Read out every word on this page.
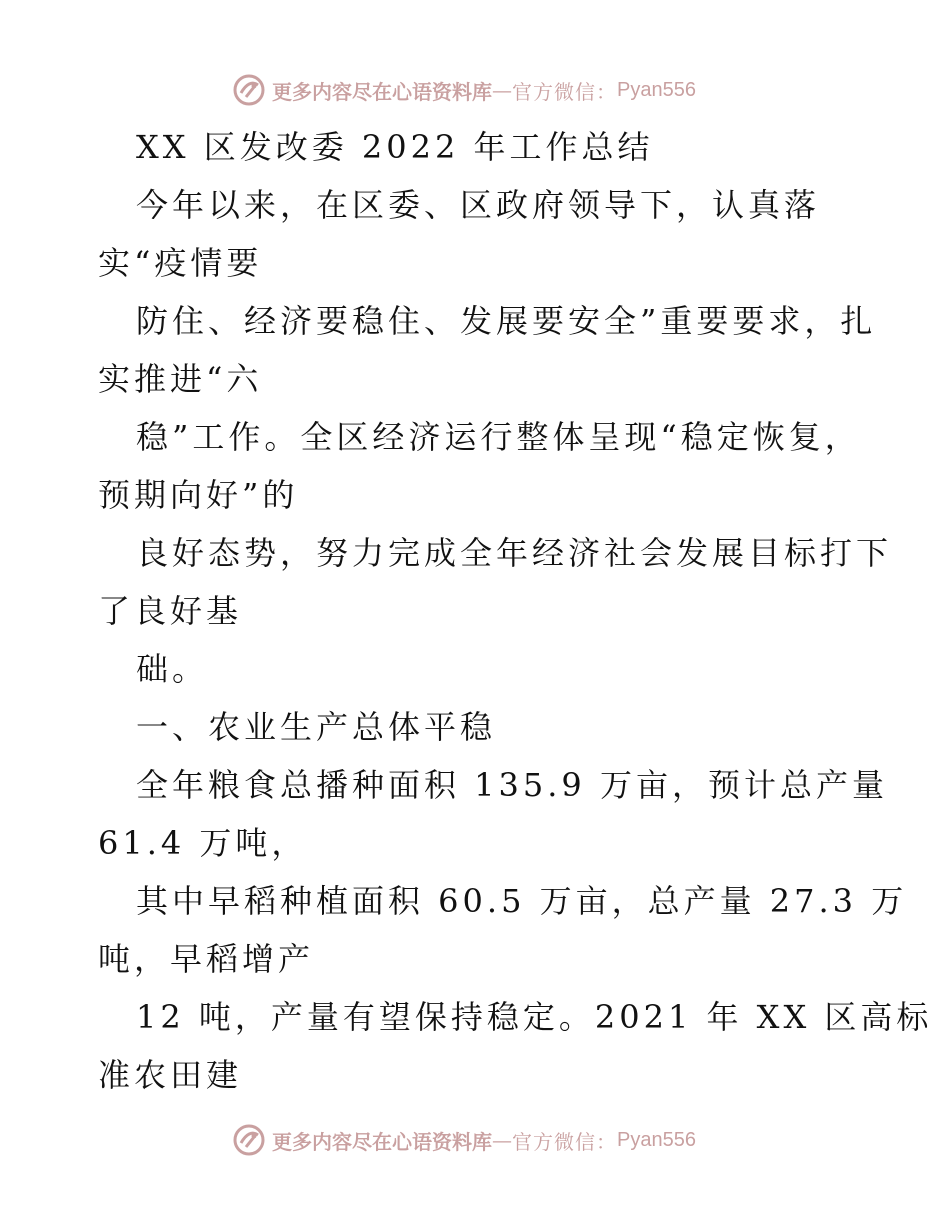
更多内容尽在心语资料库 — 官方微信： Pyan556
XX 区发改委 2022 年工作总结
今年以来，在区委、区政府领导下，认真落
实“疫情要
防住、经济要稳住、发展要安全”重要要求，扎
实推进“六
稳”工作。全区经济运行整体呈现“稳定恢复，
预期向好”的
良好态势，努力完成全年经济社会发展目标打下
了良好基
础。
一、农业生产总体平稳
全年粮食总播种面积 135.9 万亩，预计总产量
61.4 万吨，
其中早稻种植面积 60.5 万亩，总产量 27.3 万
吨，早稻增产
12 吨，产量有望保持稳定。2021 年 XX 区高标
准农田建
更多内容尽在心语资料库 — 官方微信： Pyan556
